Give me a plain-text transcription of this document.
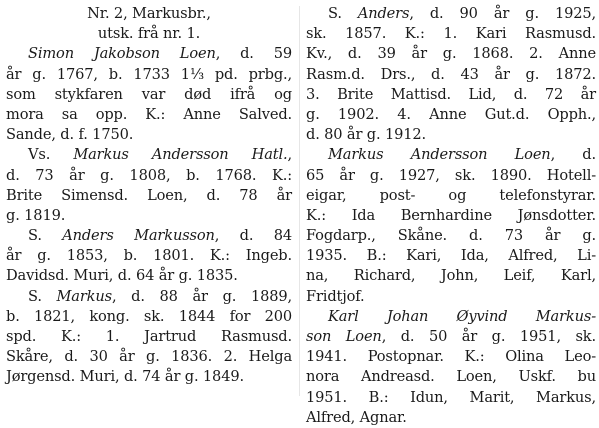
Nr. 2, Markusbr.,
utsk. frå nr. 1.
Simon Jakobson Loen, d. 59
år g. 1767, b. 1733 1⅓ pd. prbg.,
som stykfaren var død ifrå og
mora sa opp. K.: Anne Salved.
Sande, d. f. 1750.
Vs. Markus Andersson Hatl.,
d. 73 år g. 1808, b. 1768. K.:
Brite Simensd. Loen, d. 78 år
g. 1819.
S. Anders Markusson, d. 84
år g. 1853, b. 1801. K.: Ingeb.
Davidsd. Muri, d. 64 år g. 1835.
S. Markus, d. 88 år g. 1889,
b. 1821, kong. sk. 1844 for 200
spd. K.: 1. Jartrud Rasmusd.
Skåre, d. 30 år g. 1836. 2. Helga
Jørgensd. Muri, d. 74 år g. 1849.
S. Anders, d. 90 år g. 1925,
sk. 1857. K.: 1. Kari Rasmusd.
Kv., d. 39 år g. 1868. 2. Anne
Rasm.d. Drs., d. 43 år g. 1872.
3. Brite Mattisd. Lid, d. 72 år
g. 1902. 4. Anne Gut.d. Opph.,
d. 80 år g. 1912.
Markus Andersson Loen, d.
65 år g. 1927, sk. 1890. Hotell-
eigar, post- og telefonstyrar.
K.: Ida Bernhardine Jønsdotter.
Fogdarp., Skåne. d. 73 år g.
1935. B.: Kari, Ida, Alfred, Li-
na, Richard, John, Leif, Karl,
Fridtjof.
Karl Johan Øyvind Markus-
son Loen, d. 50 år g. 1951, sk.
1941. Postopnar. K.: Olina Leo-
nora Andreasd. Loen, Uskf. bu
1951. B.: Idun, Marit, Markus,
Alfred, Agnar.
